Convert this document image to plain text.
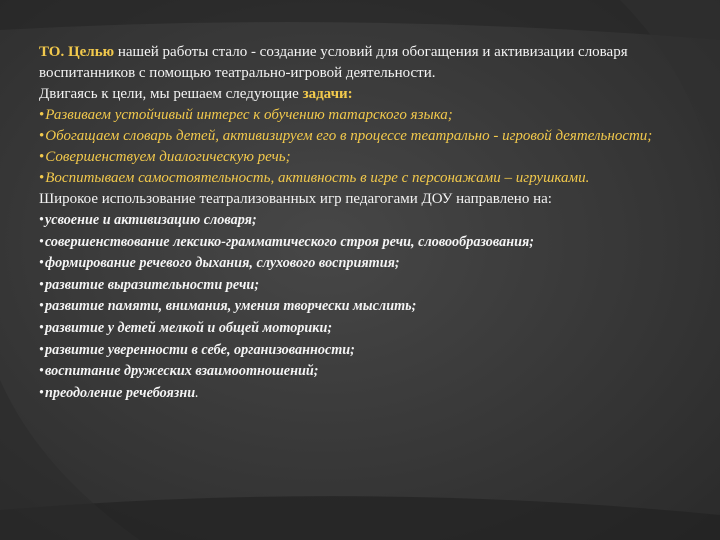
ТО. Целью нашей работы стало - создание условий для обогащения и активизации словаря воспитанников с помощью театрально-игровой деятельности.

Двигаясь к цели, мы решаем следующие задачи:

• Развиваем устойчивый интерес к обучению татарского языка;

• Обогащаем словарь детей, активизируем его в процессе театрально - игровой деятельности;

• Совершенствуем диалогическую речь;

• Воспитываем самостоятельность, активность в игре с персонажами – игрушками.

Широкое использование театрализованных игр педагогами ДОУ направлено на:

• усвоение и активизацию словаря;

• совершенствование лексико-грамматического строя речи, словообразования;

• формирование речевого дыхания, слухового восприятия;

• развитие выразительности речи;

• развитие памяти, внимания, умения творчески мыслить;

• развитие у детей мелкой и общей моторики;

• развитие уверенности в себе, организованности;

• воспитание дружеских взаимоотношений;

• преодоление речебоязни.
